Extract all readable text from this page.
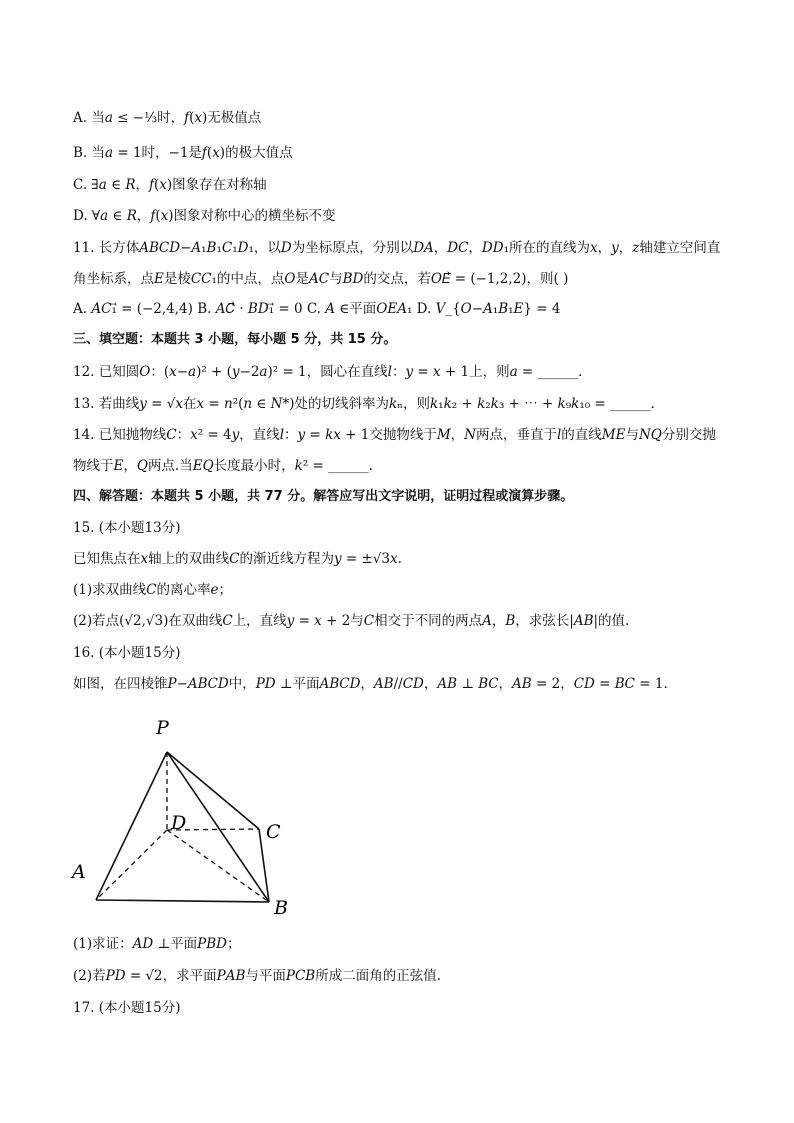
A. 当𝑎 ≤ −¹⁄₃时，𝑓(𝑥)无极值点
B. 当𝑎 = 1时，−1是𝑓(𝑥)的极大值点
C. ∃𝑎 ∈ 𝑅，𝑓(𝑥)图象存在对称轴
D. ∀𝑎 ∈ 𝑅，𝑓(𝑥)图象对称中心的横坐标不变
11. 长方体𝐴𝐵𝐶𝐷−𝐴₁𝐵₁𝐶₁𝐷₁，以𝐷为坐标原点，分别以𝐷𝐴，𝐷𝐶，𝐷𝐷₁所在的直线为𝑥，𝑦，𝑧轴建立空间直
角坐标系，点𝐸是棱𝐶𝐶₁的中点，点𝑂是𝐴𝐶与𝐵𝐷的交点，若𝑂𝐸⃗ = (−1,2,2)，则( )
A. 𝐴𝐶₁⃗ = (−2,4,4) B. 𝐴𝐶⃗ · 𝐵𝐷₁⃗ = 0 C. 𝐴 ∈平面𝑂𝐸𝐴₁ D. 𝑉_{𝑂−𝐴₁𝐵₁𝐸} = 4
三、填空题：本题共 3 小题，每小题 5 分，共 15 分。
12. 已知圆𝑂：(𝑥−𝑎)² + (𝑦−2𝑎)² = 1，圆心在直线𝑙：𝑦 = 𝑥 + 1上，则𝑎 = ______.
13. 若曲线𝑦 = √𝑥在𝑥 = 𝑛²(𝑛 ∈ 𝑁*)处的切线斜率为𝑘ₙ，则𝑘₁𝑘₂ + 𝑘₂𝑘₃ + ⋯ + 𝑘₉𝑘₁₀ = ______.
14. 已知抛物线𝐶：𝑥² = 4𝑦，直线𝑙：𝑦 = 𝑘𝑥 + 1交抛物线于𝑀，𝑁两点，垂直于𝑙的直线𝑀𝐸与𝑁𝑄分别交抛
物线于𝐸，𝑄两点.当𝐸𝑄长度最小时，𝑘² = ______.
四、解答题：本题共 5 小题，共 77 分。解答应写出文字说明，证明过程或演算步骤。
15. (本小题13分)
已知焦点在𝑥轴上的双曲线𝐶的渐近线方程为𝑦 = ±√3𝑥.
(1)求双曲线𝐶的离心率𝑒；
(2)若点(√2,√3)在双曲线𝐶上，直线𝑦 = 𝑥 + 2与𝐶相交于不同的两点𝐴，𝐵，求弦长|𝐴𝐵|的值.
16. (本小题15分)
如图，在四棱锥𝑃−𝐴𝐵𝐶𝐷中，𝑃𝐷 ⊥平面𝐴𝐵𝐶𝐷，𝐴𝐵//𝐶𝐷，𝐴𝐵 ⊥ 𝐵𝐶，𝐴𝐵 = 2，𝐶𝐷 = 𝐵𝐶 = 1.
P
D	C
A
B
(1)求证：𝐴𝐷 ⊥平面𝑃𝐵𝐷；
(2)若𝑃𝐷 = √2，求平面𝑃𝐴𝐵与平面𝑃𝐶𝐵所成二面角的正弦值.
17. (本小题15分)
